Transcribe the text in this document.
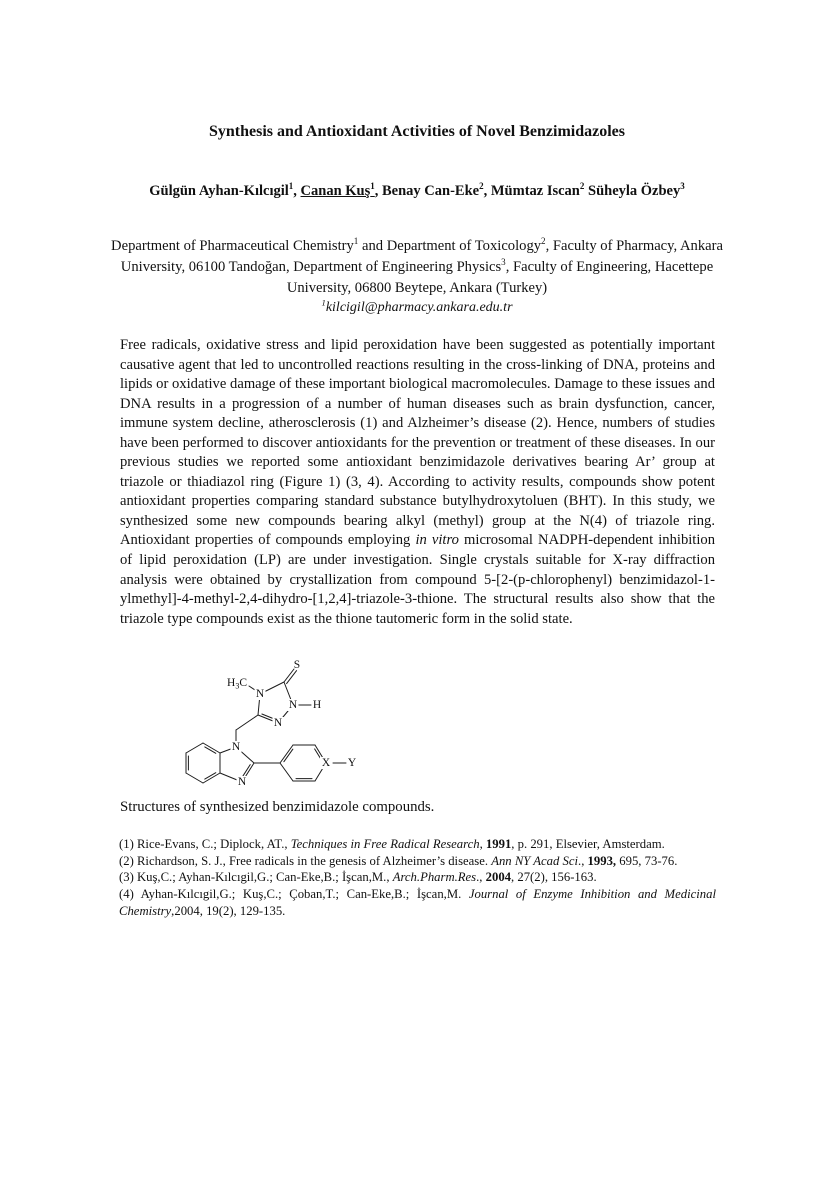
Synthesis and Antioxidant Activities of Novel Benzimidazoles
Gülgün Ayhan-Kılcıgil$^1$, Canan Kuş$^1$, Benay Can-Eke$^2$, Mümtaz Iscan$^2$ Süheyla Özbey$^3$
Department of Pharmaceutical Chemistry$^1$ and Department of Toxicology$^2$, Faculty of Pharmacy, Ankara University, 06100 Tandoğan, Department of Engineering Physics$^3$, Faculty of Engineering, Hacettepe University, 06800 Beytepe, Ankara (Turkey)
$^1$kilcigil@pharmacy.ankara.edu.tr
Free radicals, oxidative stress and lipid peroxidation have been suggested as potentially important causative agent that led to uncontrolled reactions resulting in the cross-linking of DNA, proteins and lipids or oxidative damage of these important biological macromolecules. Damage to these issues and DNA results in a progression of a number of human diseases such as brain dysfunction, cancer, immune system decline, atherosclerosis (1) and Alzheimer’s disease (2). Hence, numbers of studies have been performed to discover antioxidants for the prevention or treatment of these diseases. In our previous studies we reported some antioxidant benzimidazole derivatives bearing Ar’ group at triazole or thiadiazol ring (Figure 1) (3, 4). According to activity results, compounds show potent antioxidant properties comparing standard substance butylhydroxytoluen (BHT). In this study, we synthesized some new compounds bearing alkyl (methyl) group at the N(4) of triazole ring. Antioxidant properties of compounds employing in vitro microsomal NADPH-dependent inhibition of lipid peroxidation (LP) are under investigation. Single crystals suitable for X-ray diffraction analysis were obtained by crystallization from compound 5-[2-(p-chlorophenyl) benzimidazol-1-ylmethyl]-4-methyl-2,4-dihydro-[1,2,4]-triazole-3-thione. The structural results also show that the triazole type compounds exist as the thione tautomeric form in the solid state.
S
$H_3C$
N
N H
N
N
N
X Y
Structures of synthesized benzimidazole compounds.

(1) Rice-Evans, C.; Diplock, AT., Techniques in Free Radical Research, 1991, p. 291, Elsevier, Amsterdam.

(2) Richardson, S. J., Free radicals in the genesis of Alzheimer’s disease. Ann NY Acad Sci., 1993, 695, 73-76.

(3) Kuş,C.; Ayhan-Kılcıgil,G.; Can-Eke,B.; İşcan,M., Arch.Pharm.Res., 2004, 27(2), 156-163.

(4) Ayhan-Kılcıgil,G.; Kuş,C.; Çoban,T.; Can-Eke,B.; İşcan,M. Journal of Enzyme Inhibition and Medicinal Chemistry,2004, 19(2), 129-135.
